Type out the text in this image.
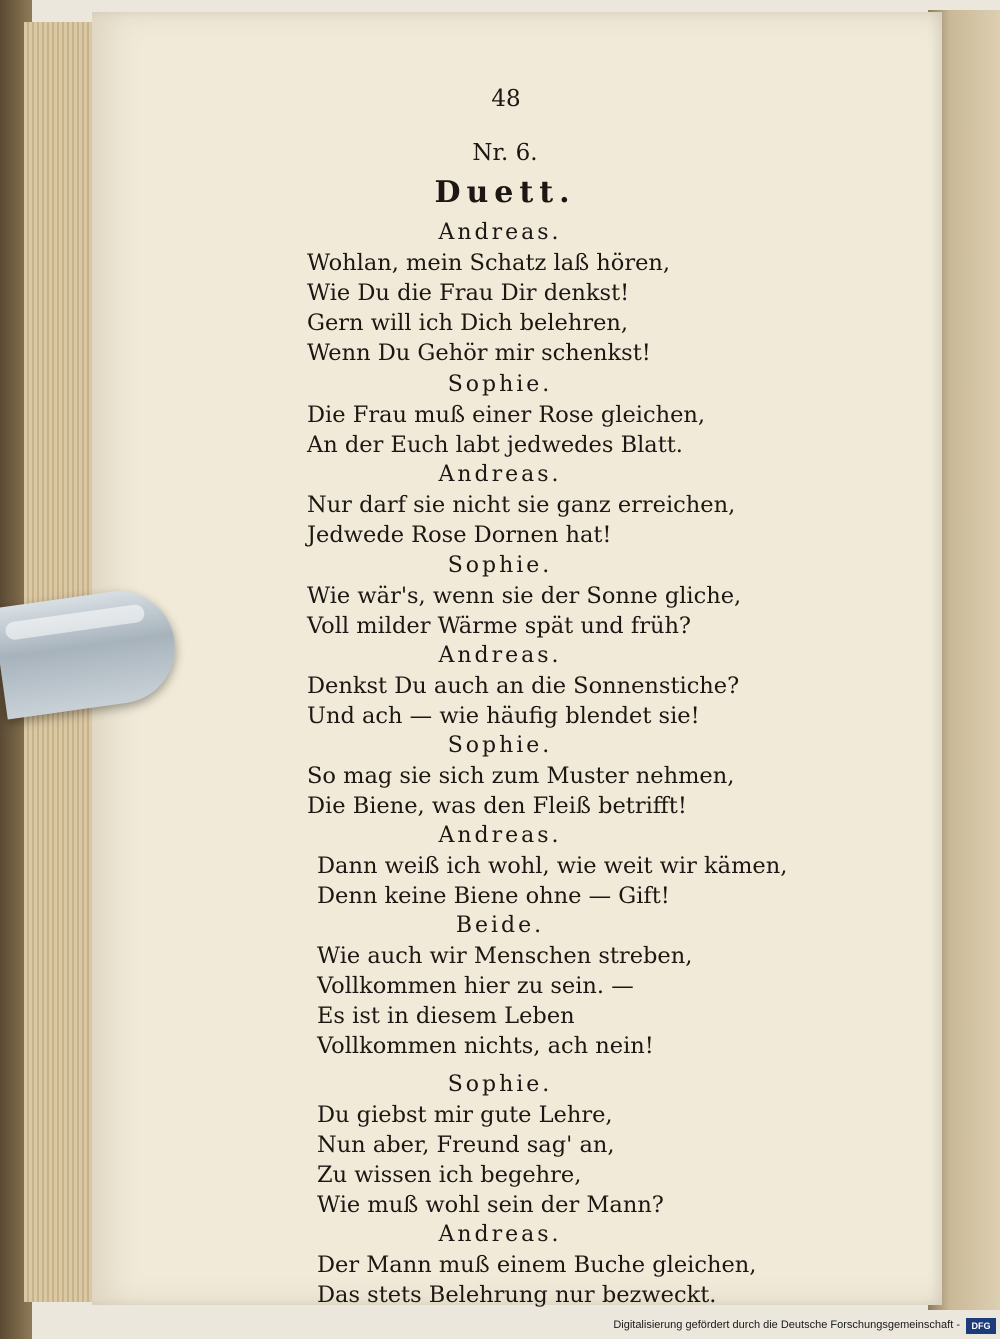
48
Nr. 6.
Duett.
Andreas.
Wohlan, mein Schatz laß hören,
Wie Du die Frau Dir denkst!
Gern will ich Dich belehren,
Wenn Du Gehör mir schenkst!
Sophie.
Die Frau muß einer Rose gleichen,
An der Euch labt jedwedes Blatt.
Andreas.
Nur darf sie nicht sie ganz erreichen,
Jedwede Rose Dornen hat!
Sophie.
Wie wär's, wenn sie der Sonne gliche,
Voll milder Wärme spät und früh?
Andreas.
Denkst Du auch an die Sonnenstiche?
Und ach — wie häufig blendet sie!
Sophie.
So mag sie sich zum Muster nehmen,
Die Biene, was den Fleiß betrifft!
Andreas.
Dann weiß ich wohl, wie weit wir kämen,
Denn keine Biene ohne — Gift!
Beide.
Wie auch wir Menschen streben,
Vollkommen hier zu sein. —
Es ist in diesem Leben
Vollkommen nichts, ach nein!
Sophie.
Du giebst mir gute Lehre,
Nun aber, Freund sag' an,
Zu wissen ich begehre,
Wie muß wohl sein der Mann?
Andreas.
Der Mann muß einem Buche gleichen,
Das stets Belehrung nur bezweckt.
Digitalisierung gefördert durch die Deutsche Forschungsgemeinschaft -	DFG
